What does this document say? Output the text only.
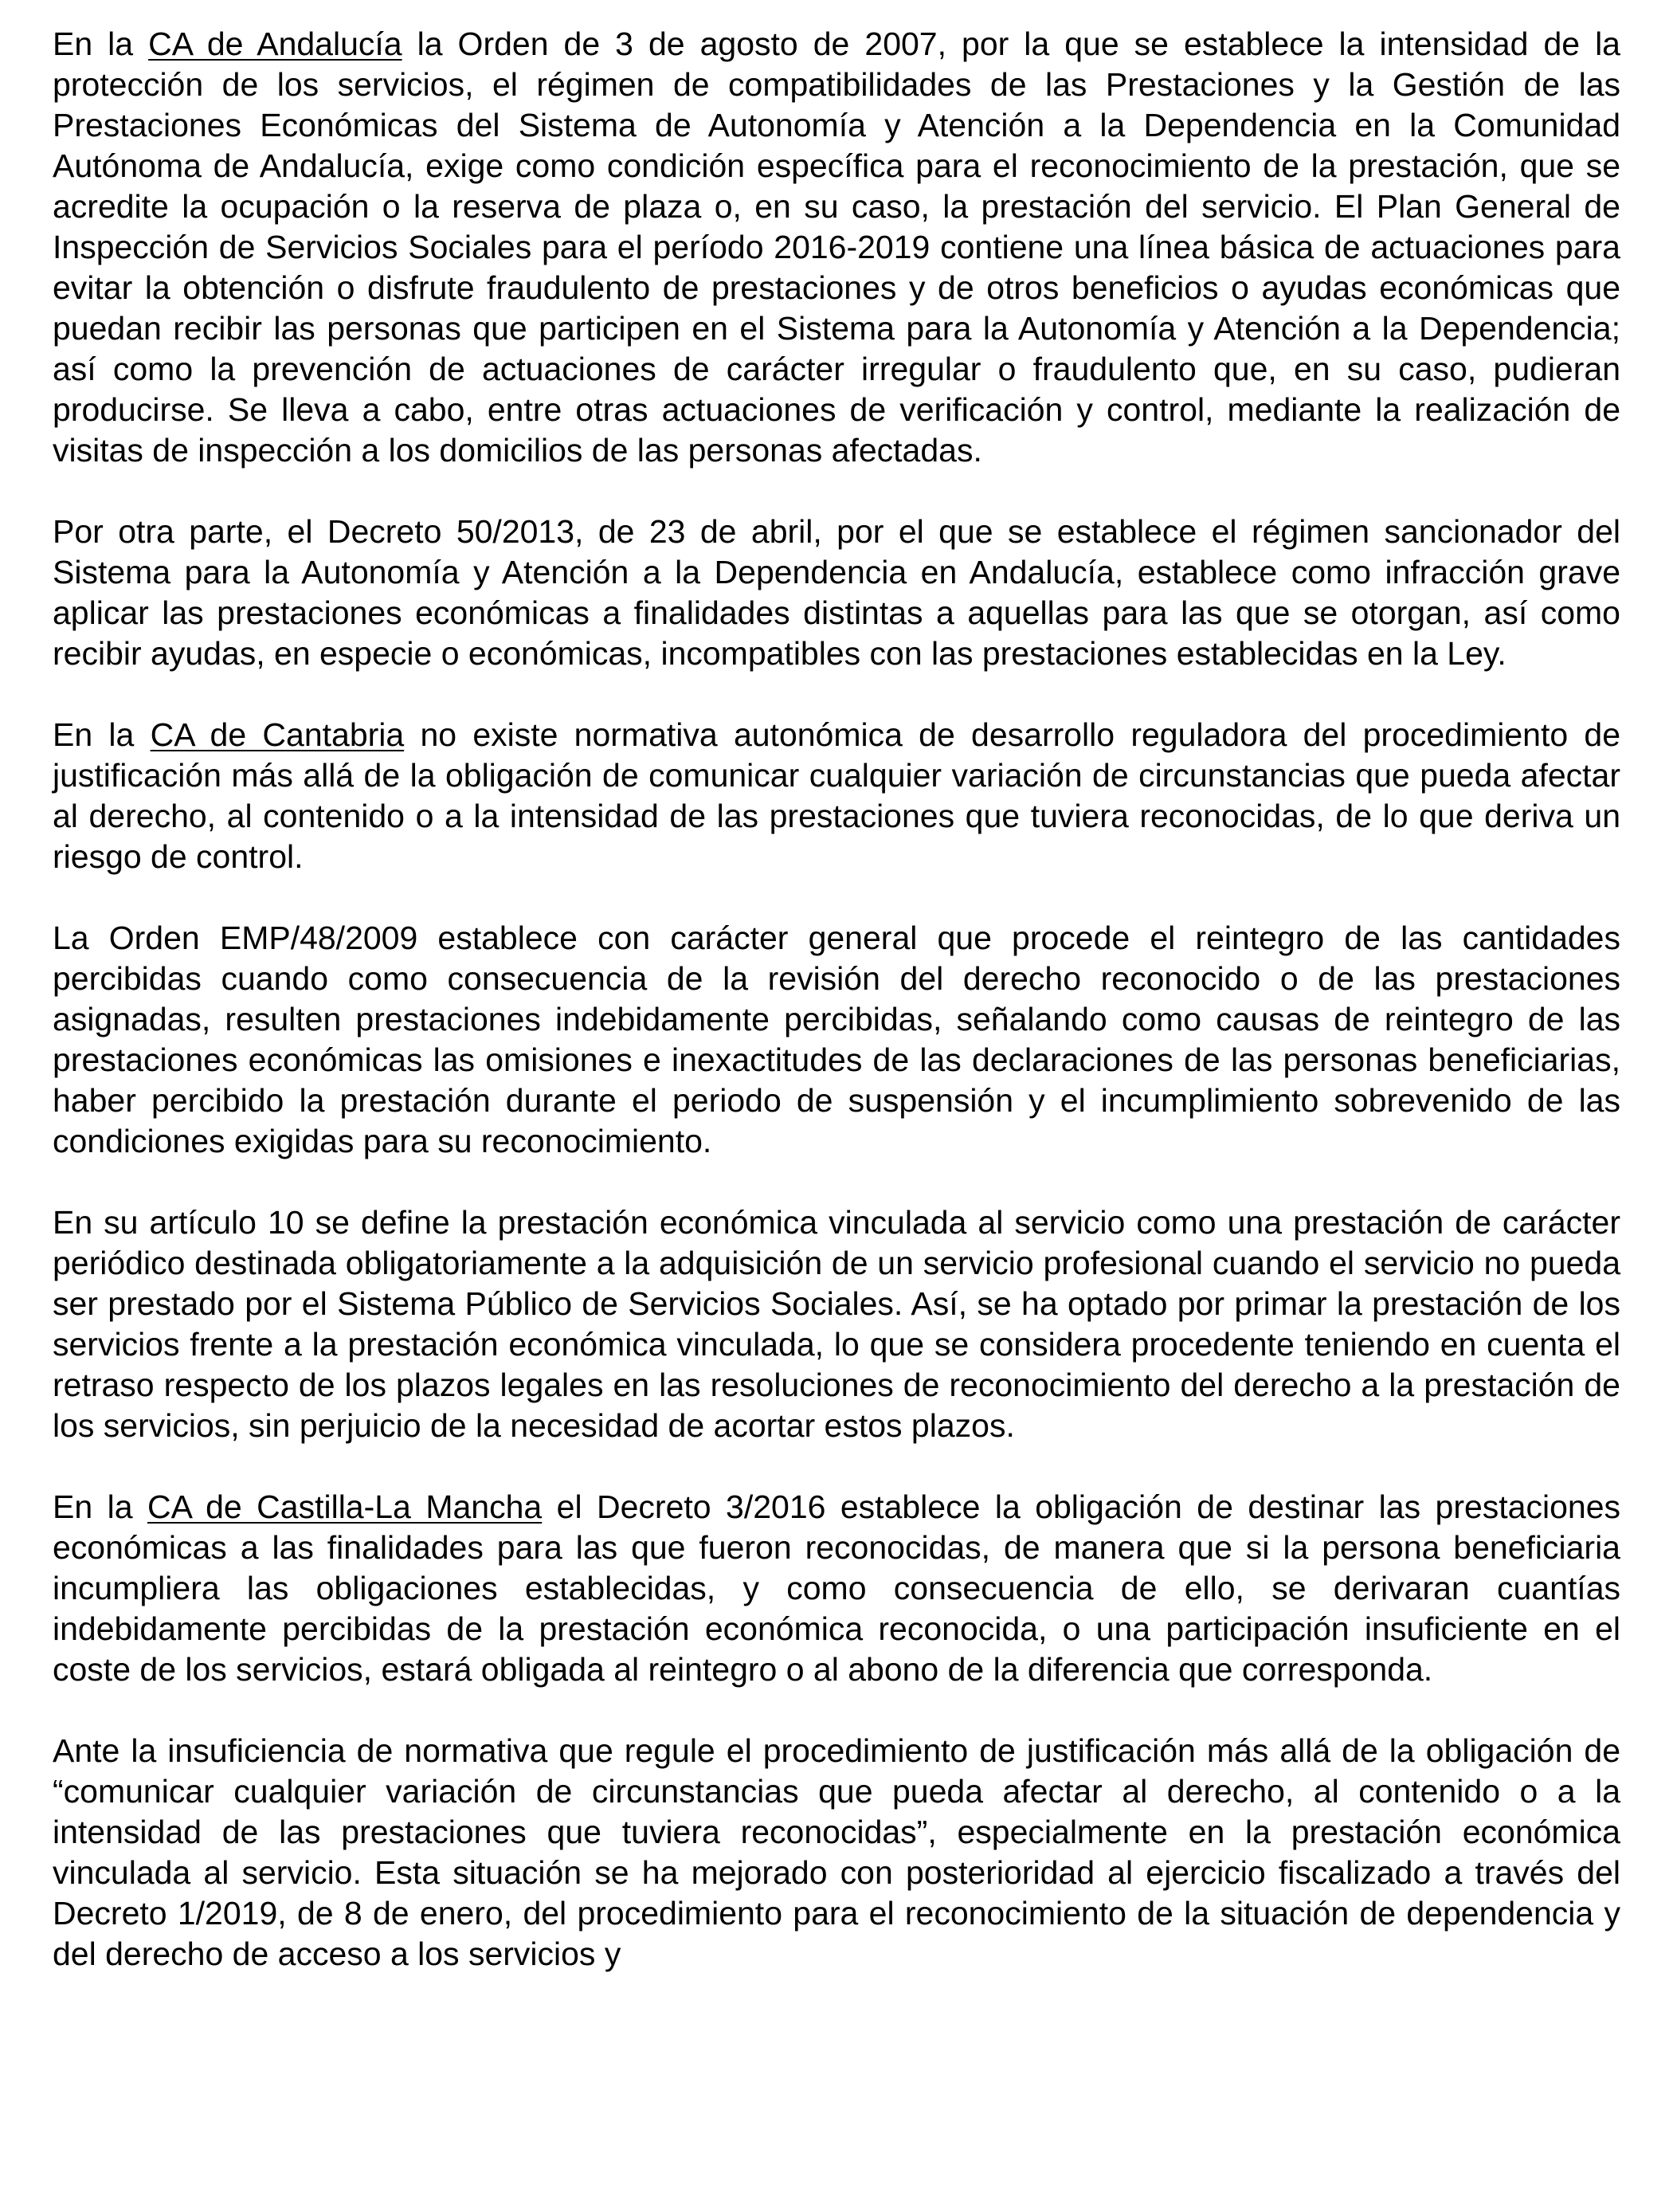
En la CA de Andalucía la Orden de 3 de agosto de 2007, por la que se establece la intensidad de la protección de los servicios, el régimen de compatibilidades de las Prestaciones y la Gestión de las Prestaciones Económicas del Sistema de Autonomía y Atención a la Dependencia en la Comunidad Autónoma de Andalucía, exige como condición específica para el reconocimiento de la prestación, que se acredite la ocupación o la reserva de plaza o, en su caso, la prestación del servicio. El Plan General de Inspección de Servicios Sociales para el período 2016-2019 contiene una línea básica de actuaciones para evitar la obtención o disfrute fraudulento de prestaciones y de otros beneficios o ayudas económicas que puedan recibir las personas que participen en el Sistema para la Autonomía y Atención a la Dependencia; así como la prevención de actuaciones de carácter irregular o fraudulento que, en su caso, pudieran producirse. Se lleva a cabo, entre otras actuaciones de verificación y control, mediante la realización de visitas de inspección a los domicilios de las personas afectadas.

Por otra parte, el Decreto 50/2013, de 23 de abril, por el que se establece el régimen sancionador del Sistema para la Autonomía y Atención a la Dependencia en Andalucía, establece como infracción grave aplicar las prestaciones económicas a finalidades distintas a aquellas para las que se otorgan, así como recibir ayudas, en especie o económicas, incompatibles con las prestaciones establecidas en la Ley.

En la CA de Cantabria no existe normativa autonómica de desarrollo reguladora del procedimiento de justificación más allá de la obligación de comunicar cualquier variación de circunstancias que pueda afectar al derecho, al contenido o a la intensidad de las prestaciones que tuviera reconocidas, de lo que deriva un riesgo de control.

La Orden EMP/48/2009 establece con carácter general que procede el reintegro de las cantidades percibidas cuando como consecuencia de la revisión del derecho reconocido o de las prestaciones asignadas, resulten prestaciones indebidamente percibidas, señalando como causas de reintegro de las prestaciones económicas las omisiones e inexactitudes de las declaraciones de las personas beneficiarias, haber percibido la prestación durante el periodo de suspensión y el incumplimiento sobrevenido de las condiciones exigidas para su reconocimiento.

En su artículo 10 se define la prestación económica vinculada al servicio como una prestación de carácter periódico destinada obligatoriamente a la adquisición de un servicio profesional cuando el servicio no pueda ser prestado por el Sistema Público de Servicios Sociales. Así, se ha optado por primar la prestación de los servicios frente a la prestación económica vinculada, lo que se considera procedente teniendo en cuenta el retraso respecto de los plazos legales en las resoluciones de reconocimiento del derecho a la prestación de los servicios, sin perjuicio de la necesidad de acortar estos plazos.

En la CA de Castilla-La Mancha el Decreto 3/2016 establece la obligación de destinar las prestaciones económicas a las finalidades para las que fueron reconocidas, de manera que si la persona beneficiaria incumpliera las obligaciones establecidas, y como consecuencia de ello, se derivaran cuantías indebidamente percibidas de la prestación económica reconocida, o una participación insuficiente en el coste de los servicios, estará obligada al reintegro o al abono de la diferencia que corresponda.

Ante la insuficiencia de normativa que regule el procedimiento de justificación más allá de la obligación de “comunicar cualquier variación de circunstancias que pueda afectar al derecho, al contenido o a la intensidad de las prestaciones que tuviera reconocidas”, especialmente en la prestación económica vinculada al servicio. Esta situación se ha mejorado con posterioridad al ejercicio fiscalizado a través del Decreto 1/2019, de 8 de enero, del procedimiento para el reconocimiento de la situación de dependencia y del derecho de acceso a los servicios y
